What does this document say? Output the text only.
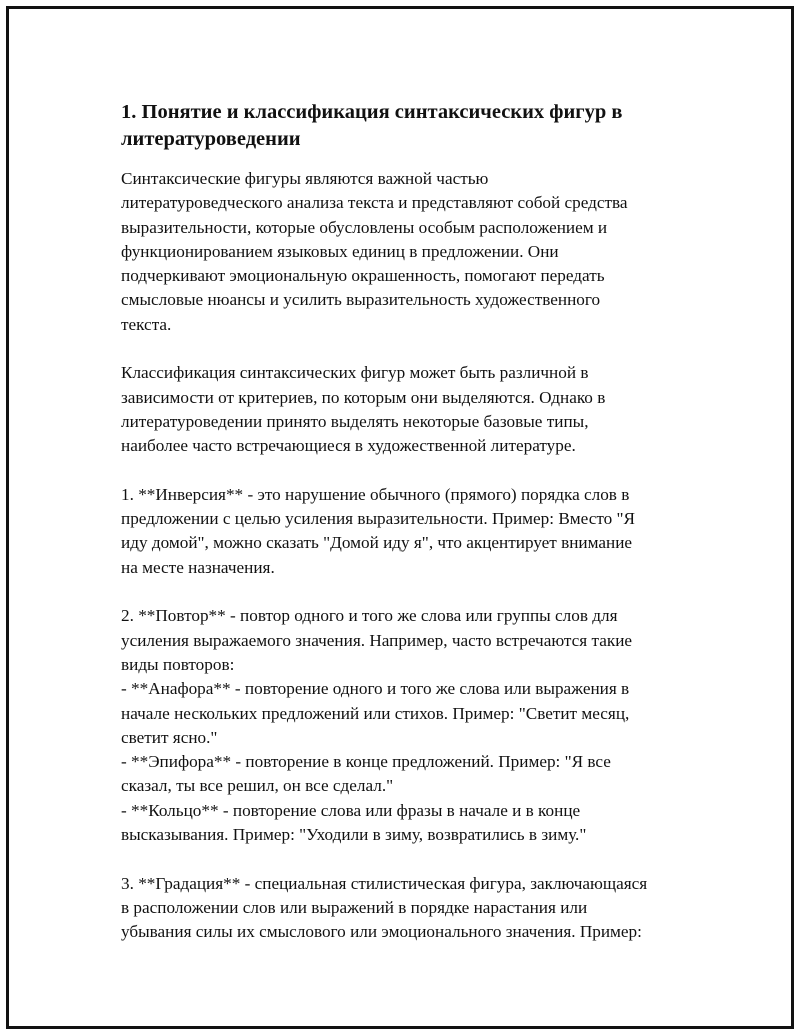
1. Понятие и классификация синтаксических фигур в литературоведении

Синтаксические фигуры являются важной частью
литературоведческого анализа текста и представляют собой средства
выразительности, которые обусловлены особым расположением и
функционированием языковых единиц в предложении. Они
подчеркивают эмоциональную окрашенность, помогают передать
смысловые нюансы и усилить выразительность художественного
текста.

Классификация синтаксических фигур может быть различной в
зависимости от критериев, по которым они выделяются. Однако в
литературоведении принято выделять некоторые базовые типы,
наиболее часто встречающиеся в художественной литературе.

1. **Инверсия** - это нарушение обычного (прямого) порядка слов в
предложении с целью усиления выразительности. Пример: Вместо "Я
иду домой", можно сказать "Домой иду я", что акцентирует внимание
на месте назначения.

2. **Повтор** - повтор одного и того же слова или группы слов для
усиления выражаемого значения. Например, часто встречаются такие
виды повторов:
- **Анафора** - повторение одного и того же слова или выражения в
начале нескольких предложений или стихов. Пример: "Светит месяц,
светит ясно."
- **Эпифора** - повторение в конце предложений. Пример: "Я все
сказал, ты все решил, он все сделал."
- **Кольцо** - повторение слова или фразы в начале и в конце
высказывания. Пример: "Уходили в зиму, возвратились в зиму."

3. **Градация** - специальная стилистическая фигура, заключающаяся
в расположении слов или выражений в порядке нарастания или
убывания силы их смыслового или эмоционального значения. Пример:
